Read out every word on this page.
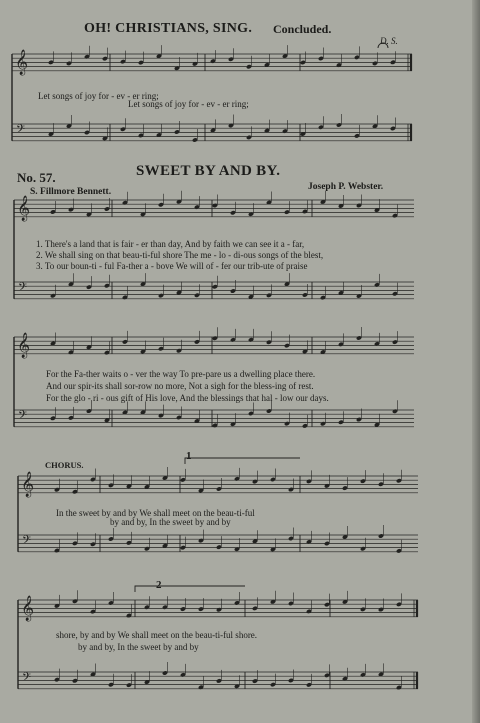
OH! CHRISTIANS, SING. Concluded.
D. S.
Let songs of joy for - ev - er ring;
Let songs of joy for - ev - er ring;
No. 57.	SWEET BY AND BY.
S. Fillmore Bennett.	Joseph P. Webster.
1. There's a land that is fair - er than day, And by faith we can see it a - far,
2. We shall sing on that beau-ti-ful shore The me - lo - di-ous songs of the blest,
3. To our boun-ti - ful Fa-ther a - bove We will of - fer our trib-ute of praise
For the Fa-ther waits o - ver the way To pre-pare us a dwelling place there.
And our spir-its shall sor-row no more, Not a sigh for the bless-ing of rest.
For the glo - ri - ous gift of His love, And the blessings that hal - low our days.
CHORUS.
1
In the sweet by and by We shall meet on the beau-ti-ful
by and by, In the sweet by and by
2
shore, by and by We shall meet on the beau-ti-ful shore.
by and by, In the sweet by and by
𝄞
𝄢
𝄞
𝄢
𝄞
𝄢
𝄞
𝄢
𝄞
𝄢
